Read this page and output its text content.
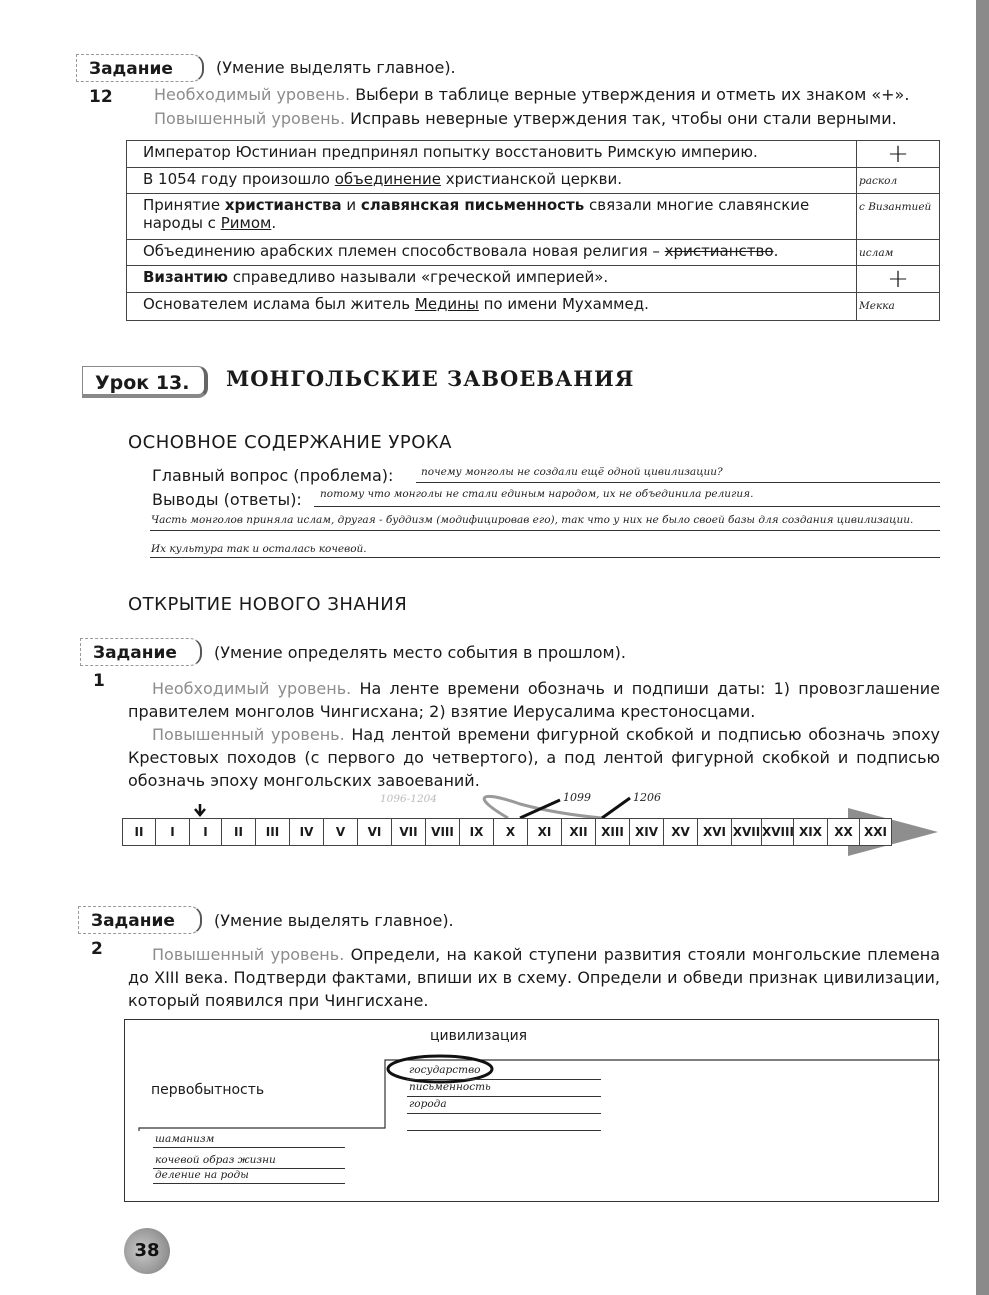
Задание 12
(Умение выделять главное).
Необходимый уровень. Выбери в таблице верные утверждения и отметь их знаком «+».
Повышенный уровень. Исправь неверные утверждения так, чтобы они стали верными.
Император Юстиниан предпринял попытку восстановить Римскую империю.	+

В 1054 году произошло объединение христианской церкви.	раскол
Принятие христианства и славянская письменность связали многие славянские народы с Римом.	с Византией
Объединению арабских племен способствовала новая религия – христианство.	ислам
Византию справедливо называли «греческой империей».	+

Основателем ислама был житель Медины по имени Мухаммед.	Мекка
Урок 13.	МОНГОЛЬСКИЕ ЗАВОЕВАНИЯ
ОСНОВНОЕ СОДЕРЖАНИЕ УРОКА
Главный вопрос (проблема):	почему монголы не создали ещё одной цивилизации?
Выводы (ответы): потому что монголы не стали единым народом, их не объединила религия.
Часть монголов приняла ислам, другая - буддизм (модифицировав его), так что у них не было своей базы для создания цивилизации.
Их культура так и осталась кочевой.
ОТКРЫТИЕ НОВОГО ЗНАНИЯ
Задание 1
(Умение определять место события в прошлом).
Необходимый уровень. На ленте времени обозначь и подпиши даты: 1) провозглашение правителем монголов Чингисхана; 2) взятие Иерусалима крестоносцами.
Повышенный уровень. Над лентой времени фигурной скобкой и подписью обозначь эпоху Крестовых походов (с первого до четвертого), а под лентой фигурной скобкой и подписью обозначь эпоху монгольских завоеваний.
1096-1204	1099	1206
II	I	I	II	III	IV	V	VI	VII	VIII	IX	X	XI	XII	XIII XIV	XV	XVI XVII XVIII XIX	XX XXI
Задание 2
(Умение выделять главное).
Повышенный уровень. Определи, на какой ступени развития стояли монгольские племена до XIII века. Подтверди фактами, впиши их в схему. Определи и обведи признак цивилизации, который появился при Чингисхане.
цивилизация
первобытность
государство
письменность
города
шаманизм
кочевой образ жизни
деление на роды
38
